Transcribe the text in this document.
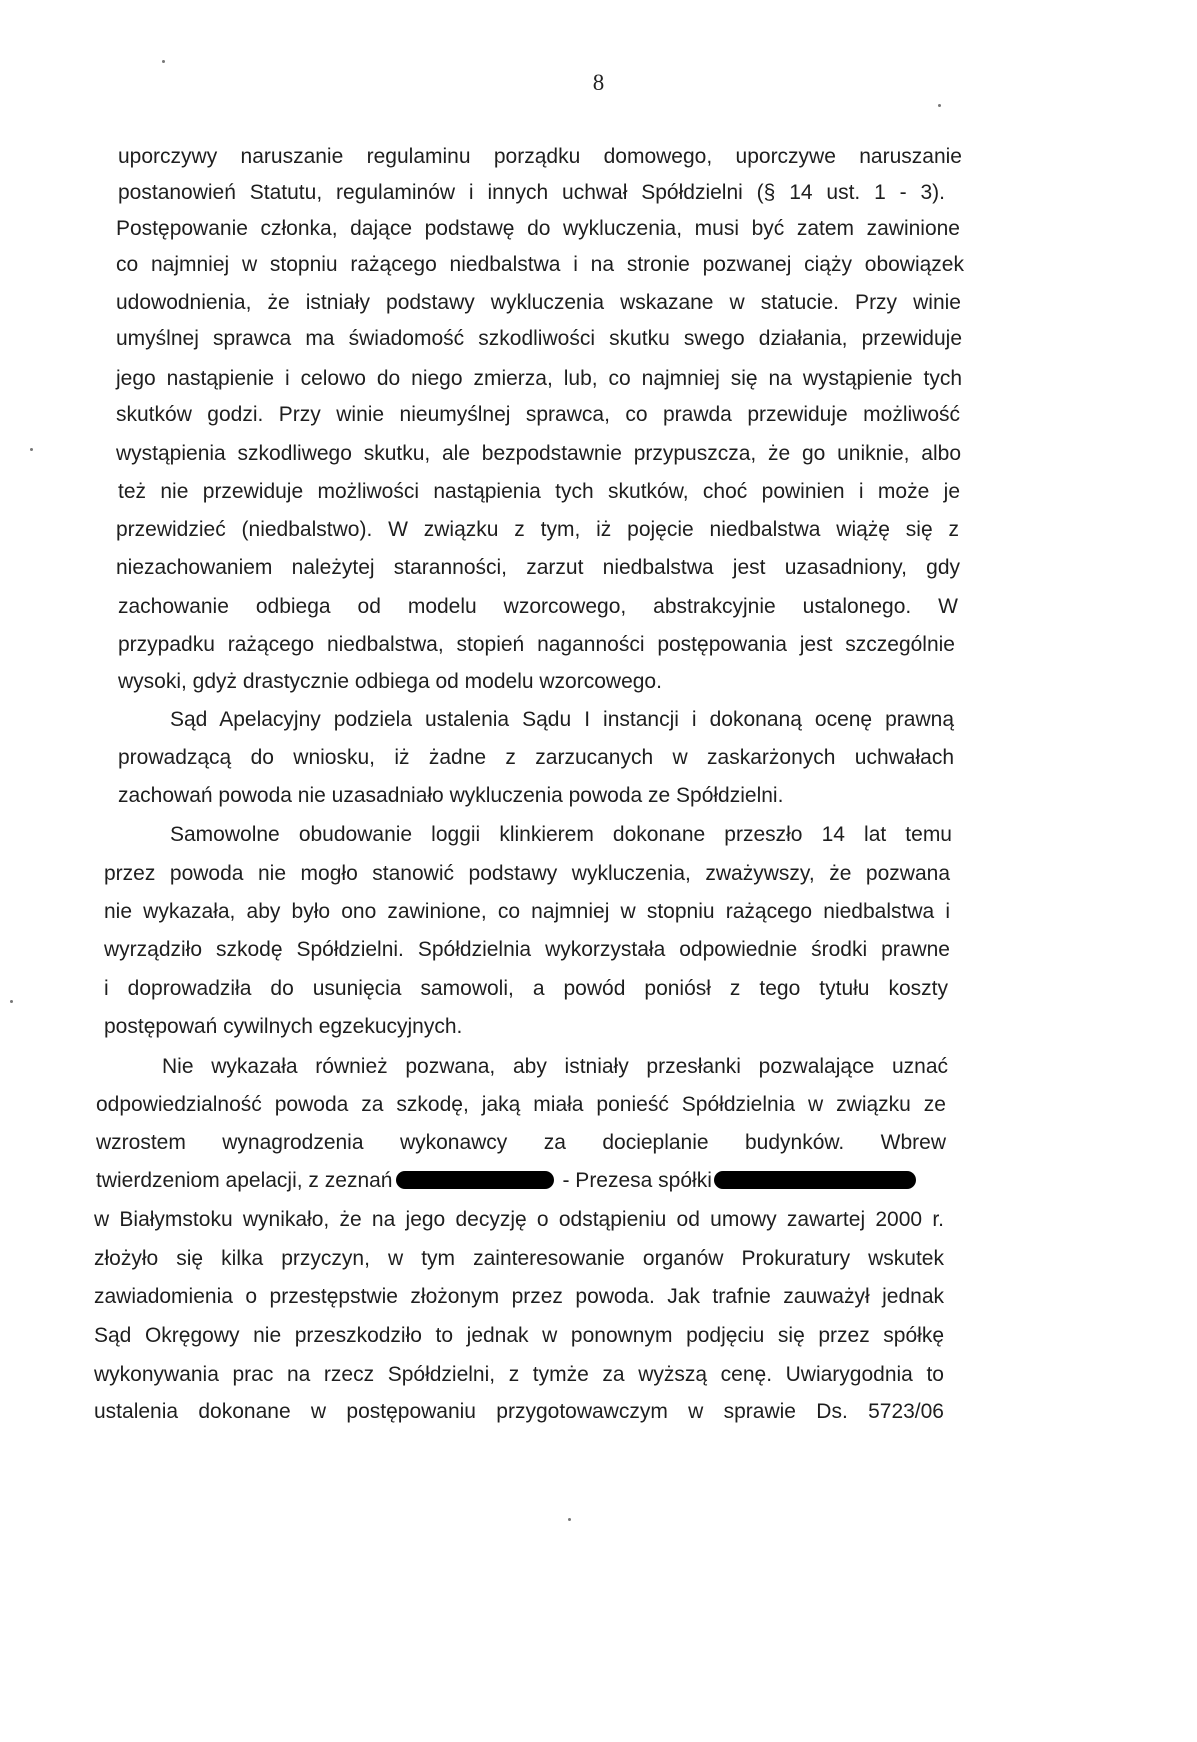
8
uporczywy naruszanie regulaminu porządku domowego, uporczywe naruszanie
postanowień Statutu, regulaminów i innych uchwał Spółdzielni (§ 14 ust. 1 - 3).
Postępowanie członka, dające podstawę do wykluczenia, musi być zatem zawinione
co najmniej w stopniu rażącego niedbalstwa i na stronie pozwanej ciąży obowiązek
udowodnienia, że istniały podstawy wykluczenia wskazane w statucie. Przy winie
umyślnej sprawca ma świadomość szkodliwości skutku swego działania, przewiduje
jego nastąpienie i celowo do niego zmierza, lub, co najmniej się na wystąpienie tych
skutków godzi. Przy winie nieumyślnej sprawca, co prawda przewiduje możliwość
wystąpienia szkodliwego skutku, ale bezpodstawnie przypuszcza, że go uniknie, albo
też nie przewiduje możliwości nastąpienia tych skutków, choć powinien i może je
przewidzieć (niedbalstwo). W związku z tym, iż pojęcie niedbalstwa wiążę się z
niezachowaniem należytej staranności, zarzut niedbalstwa jest uzasadniony, gdy
zachowanie odbiega od modelu wzorcowego, abstrakcyjnie ustalonego. W
przypadku rażącego niedbalstwa, stopień naganności postępowania jest szczególnie
wysoki, gdyż drastycznie odbiega od modelu wzorcowego.
Sąd Apelacyjny podziela ustalenia Sądu I instancji i dokonaną ocenę prawną
prowadzącą do wniosku, iż żadne z zarzucanych w zaskarżonych uchwałach
zachowań powoda nie uzasadniało wykluczenia powoda ze Spółdzielni.
Samowolne obudowanie loggii klinkierem dokonane przeszło 14 lat temu
przez powoda nie mogło stanowić podstawy wykluczenia, zważywszy, że pozwana
nie wykazała, aby było ono zawinione, co najmniej w stopniu rażącego niedbalstwa i
wyrządziło szkodę Spółdzielni. Spółdzielnia wykorzystała odpowiednie środki prawne
i doprowadziła do usunięcia samowoli, a powód poniósł z tego tytułu koszty
postępowań cywilnych egzekucyjnych.
Nie wykazała również pozwana, aby istniały przesłanki pozwalające uznać
odpowiedzialność powoda za szkodę, jaką miała ponieść Spółdzielnia w związku ze
wzrostem wynagrodzenia wykonawcy za docieplanie budynków. Wbrew
twierdzeniom apelacji, z zeznań	- Prezesa spółki
w Białymstoku wynikało, że na jego decyzję o odstąpieniu od umowy zawartej 2000 r.
złożyło się kilka przyczyn, w tym zainteresowanie organów Prokuratury wskutek
zawiadomienia o przestępstwie złożonym przez powoda. Jak trafnie zauważył jednak
Sąd Okręgowy nie przeszkodziło to jednak w ponownym podjęciu się przez spółkę
wykonywania prac na rzecz Spółdzielni, z tymże za wyższą cenę. Uwiarygodnia to
ustalenia dokonane w postępowaniu przygotowawczym w sprawie Ds. 5723/06
